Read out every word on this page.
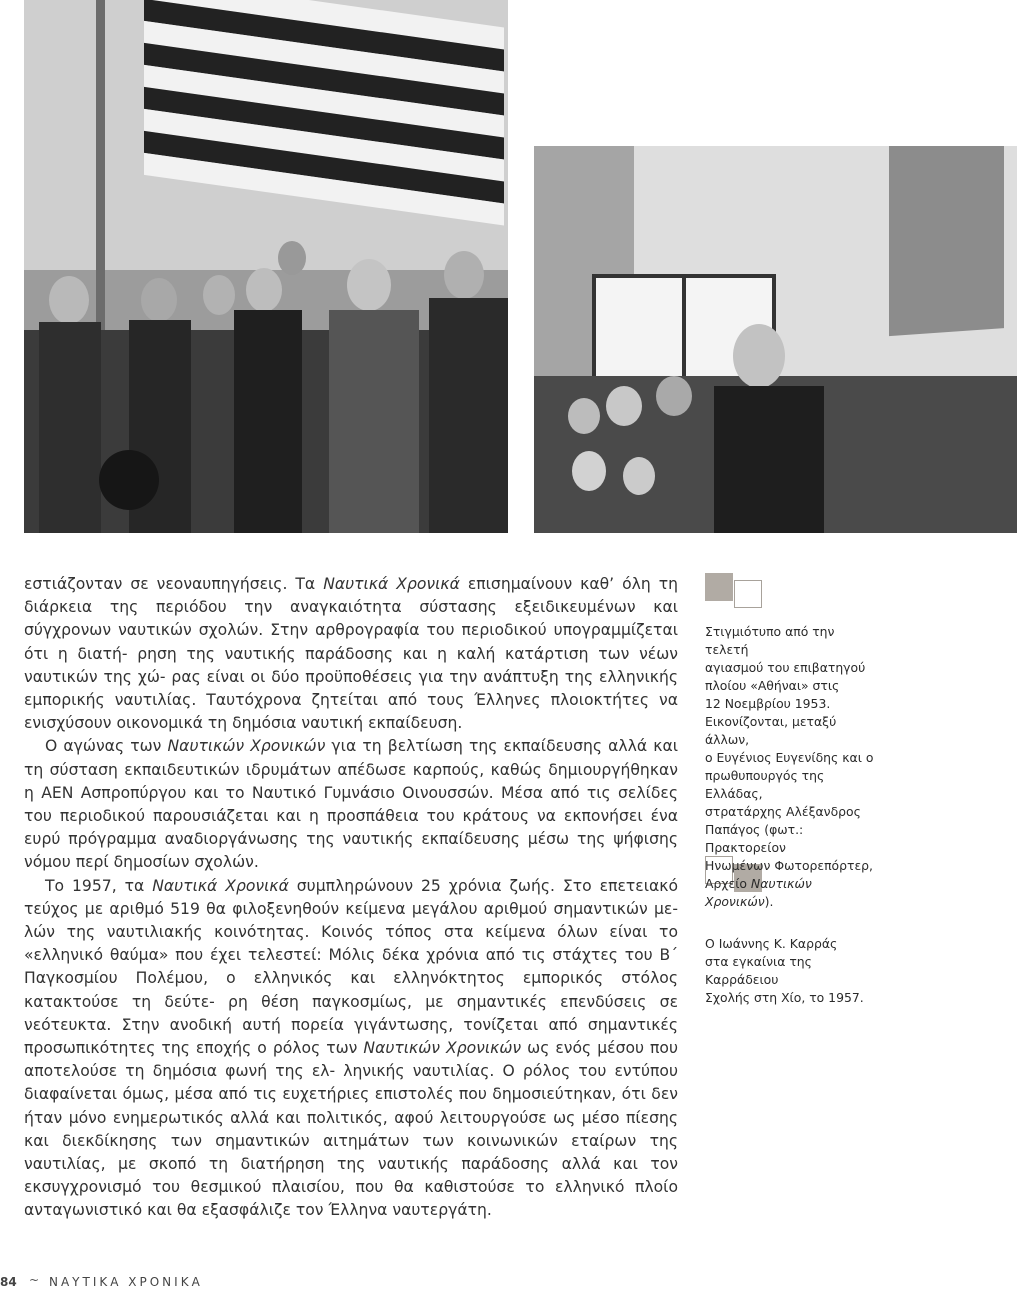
εστιάζονταν σε νεοναυπηγήσεις. Τα Ναυτικά Χρονικά επισημαίνουν καθ’ όλη τη διάρκεια της περιόδου την αναγκαιότητα σύστασης εξειδικευμένων και σύγχρονων ναυτικών σχολών. Στην αρθρογραφία του περιοδικού υπογραμμίζεται ότι η διατή- ρηση της ναυτικής παράδοσης και η καλή κατάρτιση των νέων ναυτικών της χώ- ρας είναι οι δύο προϋποθέσεις για την ανάπτυξη της ελληνικής εμπορικής ναυτιλίας. Ταυτόχρονα ζητείται από τους Έλληνες πλοιοκτήτες να ενισχύσουν οικονομικά τη δημόσια ναυτική εκπαίδευση.

Ο αγώνας των Ναυτικών Χρονικών για τη βελτίωση της εκπαίδευσης αλλά και τη σύσταση εκπαιδευτικών ιδρυμάτων απέδωσε καρπούς, καθώς δημιουργήθηκαν η ΑΕΝ Ασπροπύργου και το Ναυτικό Γυμνάσιο Οινουσσών. Μέσα από τις σελίδες του περιοδικού παρουσιάζεται και η προσπάθεια του κράτους να εκπονήσει ένα ευρύ πρόγραμμα αναδιοργάνωσης της ναυτικής εκπαίδευσης μέσω της ψήφισης νόμου περί δημοσίων σχολών.

Το 1957, τα Ναυτικά Χρονικά συμπληρώνουν 25 χρόνια ζωής. Στο επετειακό τεύχος με αριθμό 519 θα φιλοξενηθούν κείμενα μεγάλου αριθμού σημαντικών με- λών της ναυτιλιακής κοινότητας. Κοινός τόπος στα κείμενα όλων είναι το «ελληνικό θαύμα» που έχει τελεστεί: Μόλις δέκα χρόνια από τις στάχτες του Β΄ Παγκοσμίου Πολέμου, ο ελληνικός και ελληνόκτητος εμπορικός στόλος κατακτούσε τη δεύτε- ρη θέση παγκοσμίως, με σημαντικές επενδύσεις σε νεότευκτα. Στην ανοδική αυτή πορεία γιγάντωσης, τονίζεται από σημαντικές προσωπικότητες της εποχής ο ρόλος των Ναυτικών Χρονικών ως ενός μέσου που αποτελούσε τη δημόσια φωνή της ελ- ληνικής ναυτιλίας. Ο ρόλος του εντύπου διαφαίνεται όμως, μέσα από τις ευχετήριες επιστολές που δημοσιεύτηκαν, ότι δεν ήταν μόνο ενημερωτικός αλλά και πολιτικός, αφού λειτουργούσε ως μέσο πίεσης και διεκδίκησης των σημαντικών αιτημάτων των κοινωνικών εταίρων της ναυτιλίας, με σκοπό τη διατήρηση της ναυτικής παράδοσης αλλά και τον εκσυγχρονισμό του θεσμικού πλαισίου, που θα καθιστούσε το ελληνικό πλοίο ανταγωνιστικό και θα εξασφάλιζε τον Έλληνα ναυτεργάτη.

Στιγμιότυπο από την τελετή
αγιασμού του επιβατηγού
πλοίου «Αθήναι» στις
12 Νοεμβρίου 1953.
Εικονίζονται, μεταξύ άλλων,
ο Ευγένιος Ευγενίδης και ο
πρωθυπουργός της Ελλάδας,
στρατάρχης Αλέξανδρος
Παπάγος (φωτ.: Πρακτορείον
Ηνωμένων Φωτορεπόρτερ,
Αρχείο Ναυτικών Χρονικών).
Ο Ιωάννης Κ. Καρράς
στα εγκαίνια της Καρράδειου
Σχολής στη Χίο, το 1957.
84 ~ ΝΑΥΤΙΚΑ ΧΡΟΝΙΚΑ
